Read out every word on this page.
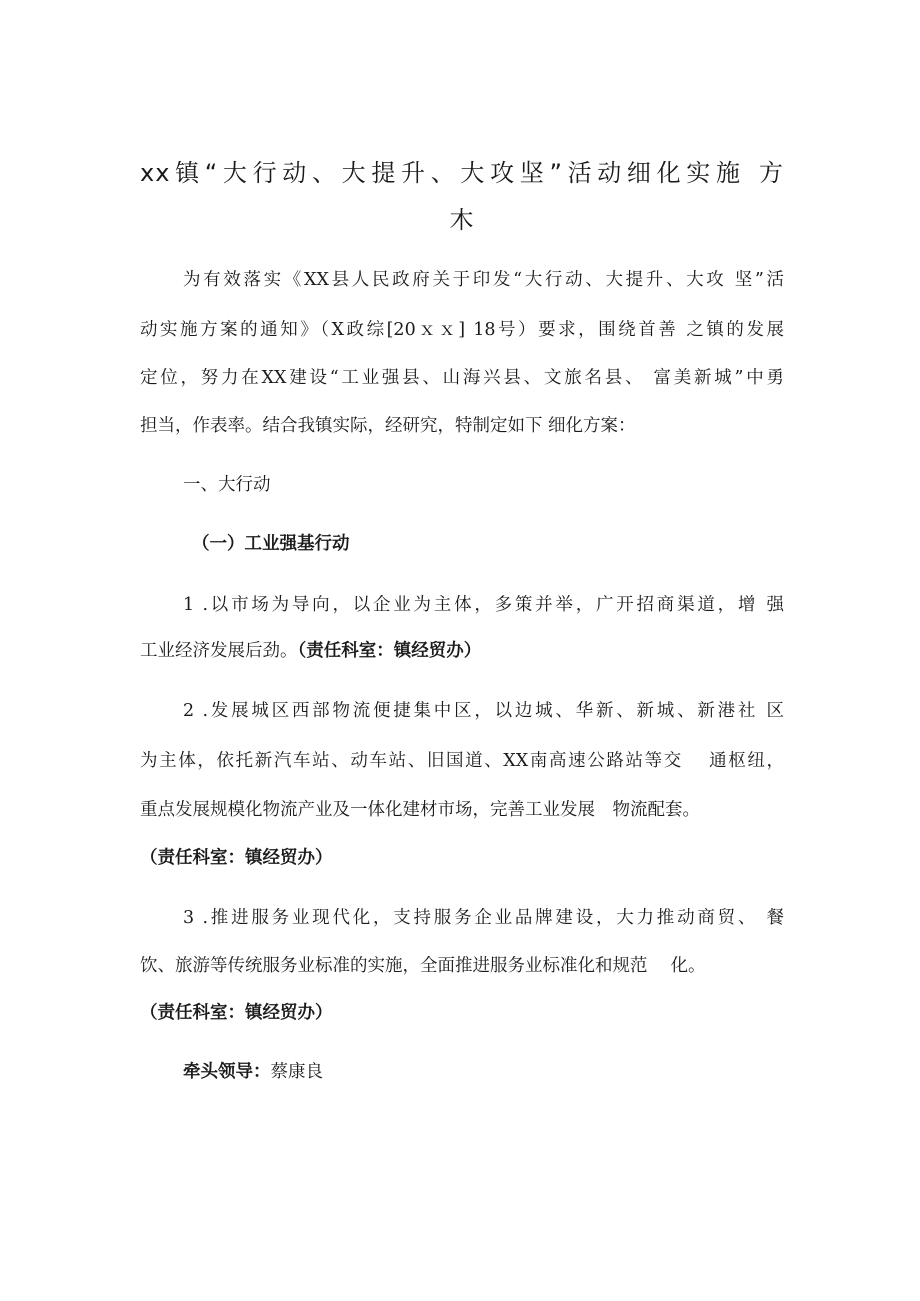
xx镇“大行动、大提升、大攻坚”活动细化实施 方
木
为有效落实《XX县人民政府关于印发“大行动、大提升、大攻 坚”活
动实施方案的通知》（X政综[20ｘｘ] 18号）要求，围绕首善 之镇的发展
定位，努力在XX建设“工业强县、山海兴县、文旅名县、 富美新城”中勇
担当，作表率。结合我镇实际，经研究，特制定如下 细化方案：
一、大行动
（一）工业强基行动
1 .以市场为导向，以企业为主体，多策并举，广开招商渠道，增 强
工业经济发展后劲。（责任科室：镇经贸办）
2 .发展城区西部物流便捷集中区，以边城、华新、新城、新港社 区
为主体，依托新汽车站、动车站、旧国道、XX南高速公路站等交　 通枢纽，
重点发展规模化物流产业及一体化建材市场，完善工业发展　物流配套。
（责任科室：镇经贸办）
3 .推进服务业现代化，支持服务企业品牌建设，大力推动商贸、 餐
饮、旅游等传统服务业标准的实施，全面推进服务业标准化和规范　 化。
（责任科室：镇经贸办）
牵头领导：蔡康良
